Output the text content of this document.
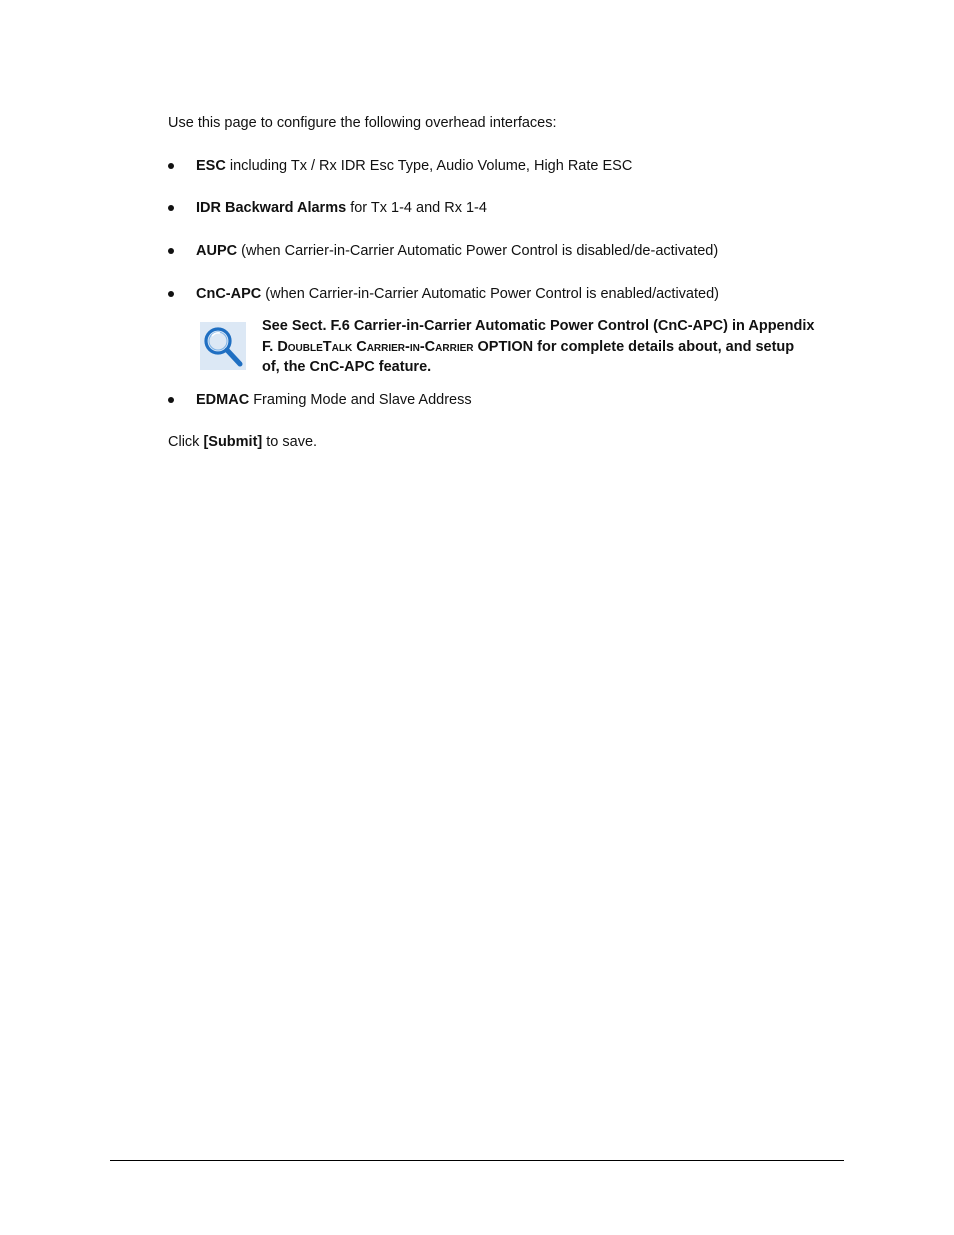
Use this page to configure the following overhead interfaces:
ESC including Tx / Rx IDR Esc Type, Audio Volume, High Rate ESC
IDR Backward Alarms for Tx 1-4 and Rx 1-4
AUPC (when Carrier-in-Carrier Automatic Power Control is disabled/de-activated)
CnC-APC (when Carrier-in-Carrier Automatic Power Control is enabled/activated)
See Sect. F.6 Carrier-in-Carrier Automatic Power Control (CnC-APC) in Appendix
F. DoubleTalk Carrier-in-Carrier OPTION for complete details about, and setup
of, the CnC-APC feature.
EDMAC Framing Mode and Slave Address
Click [Submit] to save.
